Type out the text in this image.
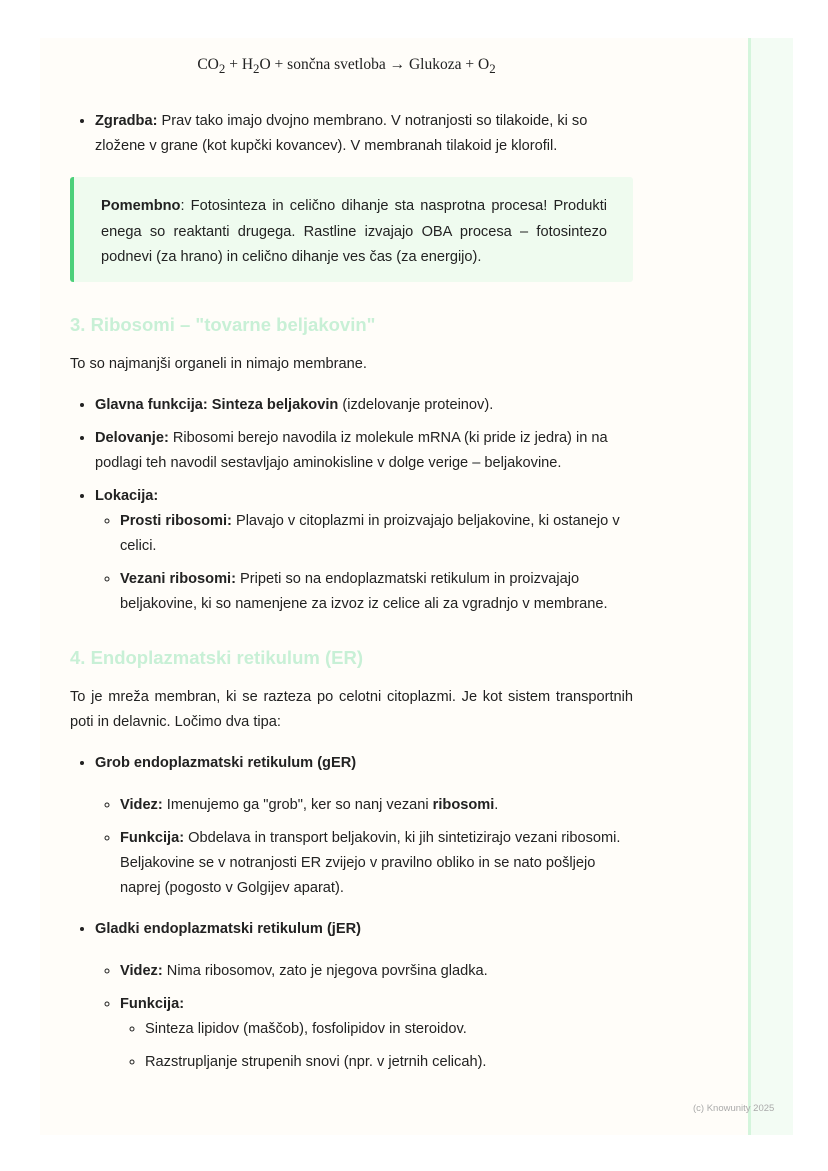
$CO_2 + H_2O$ + sončna svetloba → Glukoza + $O_2$
• Zgradba: Prav tako imajo dvojno membrano. V notranjosti so tilakoide, ki so zložene v grane (kot kupčki kovancev). V membranah tilakoid je klorofil.
Pomembno: Fotosinteza in celično dihanje sta nasprotna procesa! Produkti enega so reaktanti drugega. Rastline izvajajo OBA procesa – fotosintezo podnevi (za hrano) in celično dihanje ves čas (za energijo).
3. Ribosomi – "tovarne beljakovin"

To so najmanjši organeli in nimajo membrane.

• Glavna funkcija: Sinteza beljakovin (izdelovanje proteinov).
• Delovanje: Ribosomi berejo navodila iz molekule mRNA (ki pride iz jedra) in na podlagi teh navodil sestavljajo aminokisline v dolge verige – beljakovine.
• Lokacija:
◦ Prosti ribosomi: Plavajo v citoplazmi in proizvajajo beljakovine, ki ostanejo v celici.
◦ Vezani ribosomi: Pripeti so na endoplazmatski retikulum in proizvajajo beljakovine, ki so namenjene za izvoz iz celice ali za vgradnjo v membrane.
4. Endoplazmatski retikulum (ER)

To je mreža membran, ki se razteza po celotni citoplazmi. Je kot sistem transportnih poti in delavnic. Ločimo dva tipa:

• Grob endoplazmatski retikulum (gER)
◦ Videz: Imenujemo ga "grob", ker so nanj vezani ribosomi.
◦ Funkcija: Obdelava in transport beljakovin, ki jih sintetizirajo vezani ribosomi. Beljakovine se v notranjosti ER zvijejo v pravilno obliko in se nato pošljejo naprej (pogosto v Golgijev aparat).
• Gladki endoplazmatski retikulum (jER)
◦ Videz: Nima ribosomov, zato je njegova površina gladka.
◦ Funkcija:
◦ Sinteza lipidov (maščob), fosfolipidov in steroidov.
◦ Razstrupljanje strupenih snovi (npr. v jetrnih celicah).
(c) Knowunity 2025
